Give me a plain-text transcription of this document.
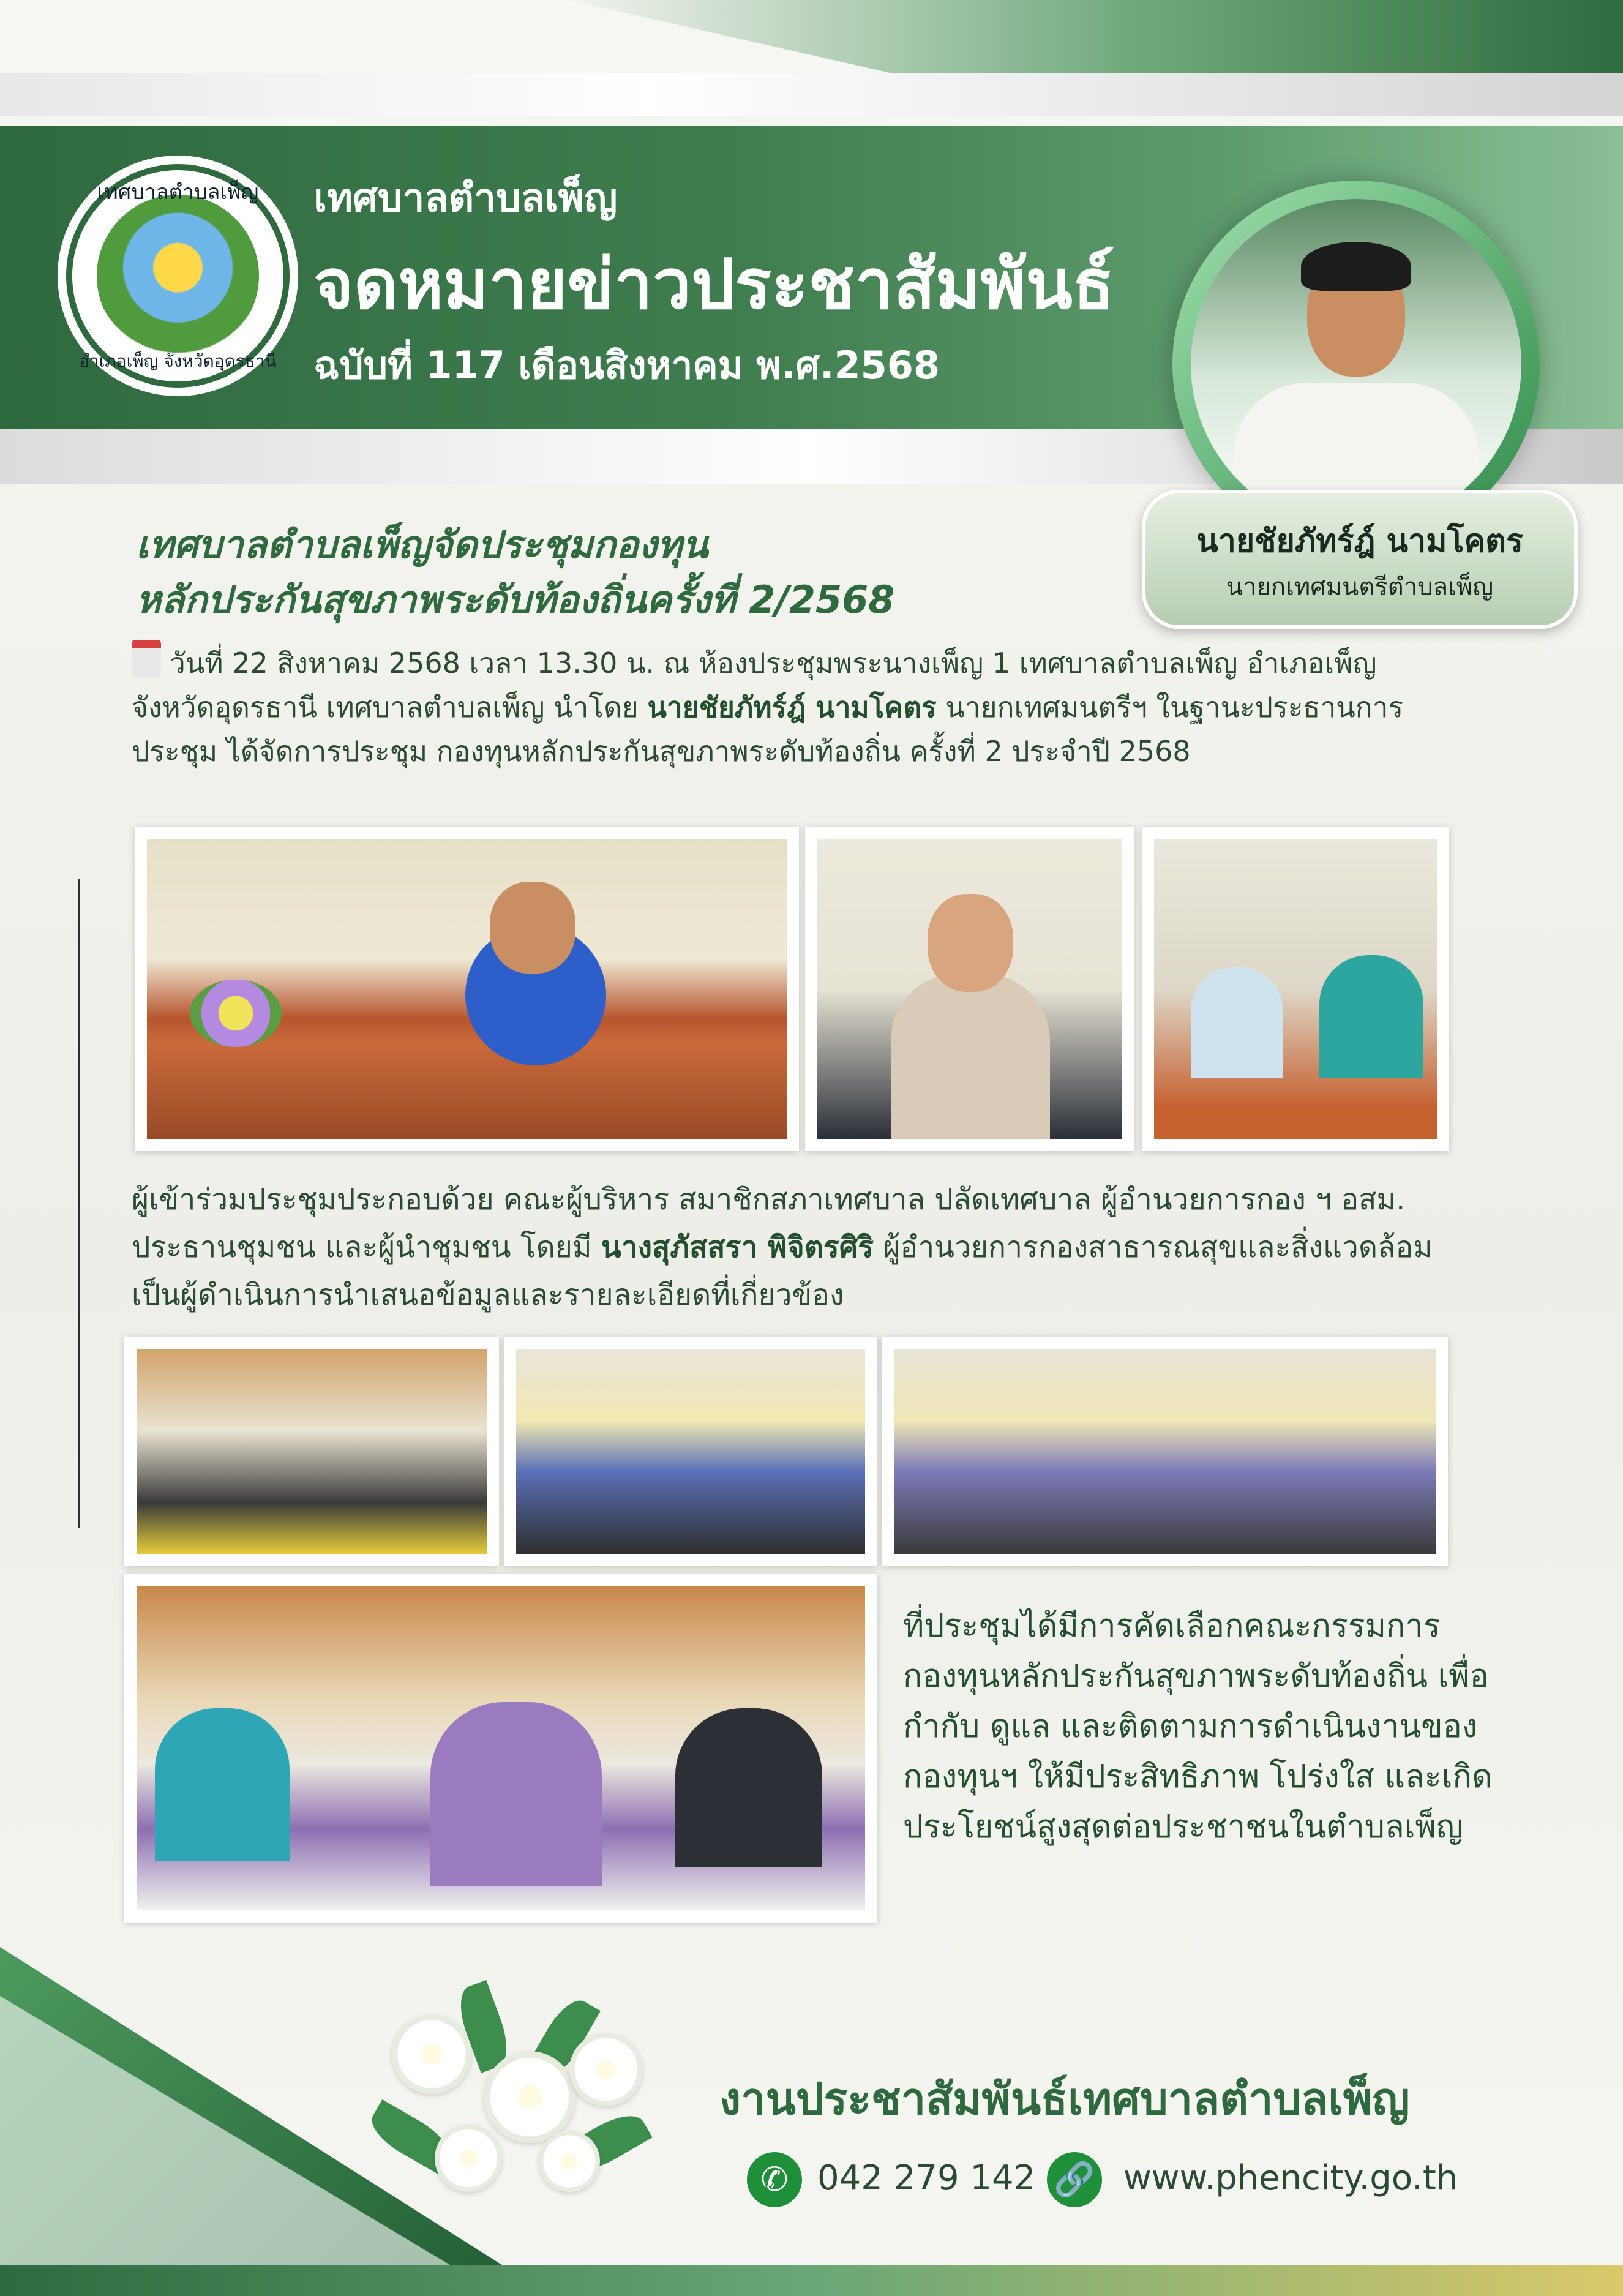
เทศบาลตำบลเพ็ญ
อำเภอเพ็ญ จังหวัดอุดรธานี
เทศบาลตำบลเพ็ญ
จดหมายข่าวประชาสัมพันธ์
ฉบับที่ 117 เดือนสิงหาคม พ.ศ.2568
นายชัยภัทร์ฎ์ นามโคตร
นายกเทศมนตรีตำบลเพ็ญ
เทศบาลตำบลเพ็ญจัดประชุมกองทุน
หลักประกันสุขภาพระดับท้องถิ่นครั้งที่ 2/2568
วันที่ 22 สิงหาคม 2568 เวลา 13.30 น. ณ ห้องประชุมพระนางเพ็ญ 1 เทศบาลตำบลเพ็ญ อำเภอเพ็ญ จังหวัดอุดรธานี เทศบาลตำบลเพ็ญ นำโดย นายชัยภัทร์ฎ์ นามโคตร นายกเทศมนตรีฯ ในฐานะประธานการประชุม ได้จัดการประชุม กองทุนหลักประกันสุขภาพระดับท้องถิ่น ครั้งที่ 2 ประจำปี 2568
ผู้เข้าร่วมประชุมประกอบด้วย คณะผู้บริหาร สมาชิกสภาเทศบาล ปลัดเทศบาล ผู้อำนวยการกอง ฯ อสม. ประธานชุมชน และผู้นำชุมชน โดยมี นางสุภัสสรา พิจิตรศิริ ผู้อำนวยการกองสาธารณสุขและสิ่งแวดล้อม เป็นผู้ดำเนินการนำเสนอข้อมูลและรายละเอียดที่เกี่ยวข้อง
ที่ประชุมได้มีการคัดเลือกคณะกรรมการกองทุนหลักประกันสุขภาพระดับท้องถิ่น เพื่อกำกับ ดูแล และติดตามการดำเนินงานของกองทุนฯ ให้มีประสิทธิภาพ โปร่งใส และเกิดประโยชน์สูงสุดต่อประชาชนในตำบลเพ็ญ
งานประชาสัมพันธ์เทศบาลตำบลเพ็ญ
✆ 042 279 142 🔗 www.phencity.go.th
